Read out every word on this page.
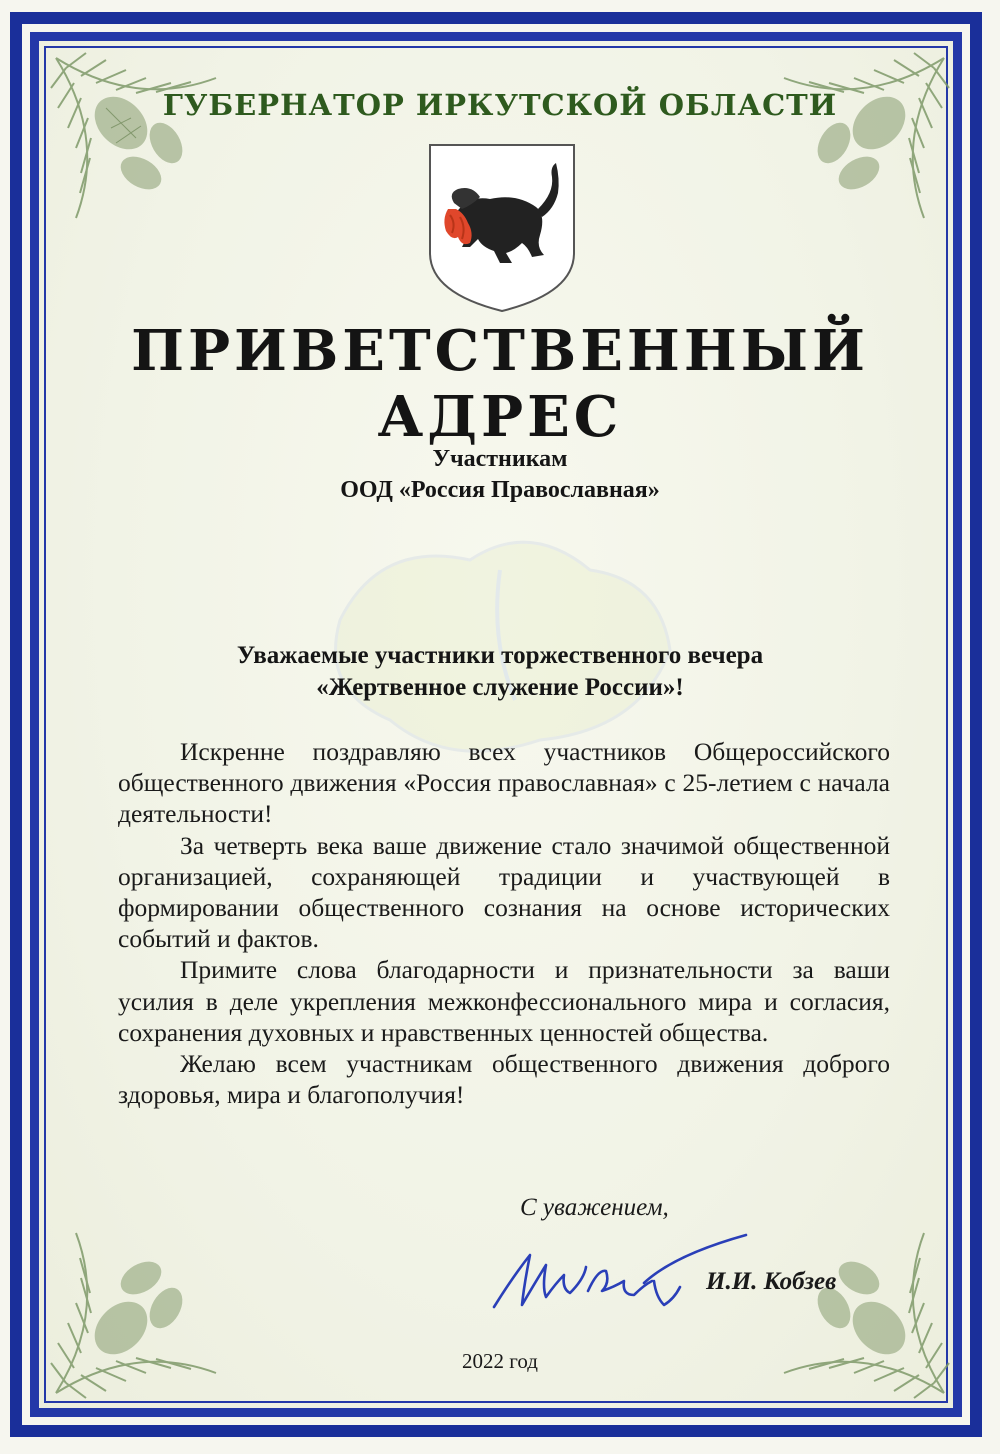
ГУБЕРНАТОР ИРКУТСКОЙ ОБЛАСТИ
ПРИВЕТСТВЕННЫЙ АДРЕС
Участникам
ООД «Россия Православная»
Уважаемые участники торжественного вечера
«Жертвенное служение России»!

Искренне поздравляю всех участников Общероссийского общественного движения «Россия православная» с 25-летием с начала деятельности!

За четверть века ваше движение стало значимой общественной организацией, сохраняющей традиции и участвующей в формировании общественного сознания на основе исторических событий и фактов.

Примите слова благодарности и признательности за ваши усилия в деле укрепления межконфессионального мира и согласия, сохранения духовных и нравственных ценностей общества.

Желаю всем участникам общественного движения доброго здоровья, мира и благополучия!

С уважением,
И.И. Кобзев
2022 год
